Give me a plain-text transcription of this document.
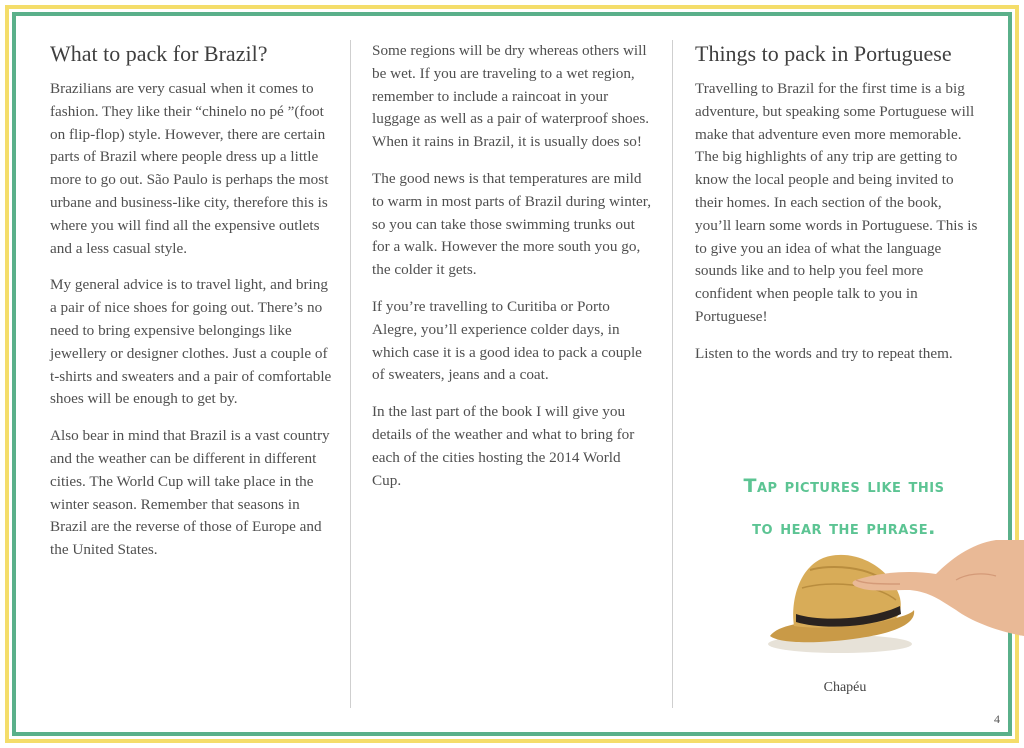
What to pack for Brazil?

Brazilians are very casual when it comes to fashion. They like their “chinelo no pé ”(foot on flip-flop) style. However, there are certain parts of Brazil where people dress up a little more to go out. São Paulo is perhaps the most urbane and business-like city, therefore this is where you will find all the expensive outlets and a less casual style.

My general advice is to travel light, and bring a pair of nice shoes for going out. There’s no need to bring expensive belongings like jewellery or designer clothes. Just a couple of t-shirts and sweaters and a pair of comfortable shoes will be enough to get by.

Also bear in mind that Brazil is a vast country and the weather can be different in different cities. The World Cup will take place in the winter season. Remember that seasons in Brazil are the reverse of those of Europe and the United States.

Some regions will be dry whereas others will be wet. If you are traveling to a wet region, remember to include a raincoat in your luggage as well as a pair of waterproof shoes. When it rains in Brazil, it is usually does so!

The good news is that temperatures are mild to warm in most parts of Brazil during winter, so you can take those swimming trunks out for a walk. However the more south you go, the colder it gets.

If you’re travelling to Curitiba or Porto Alegre, you’ll experience colder days, in which case it is a good idea to pack a couple of sweaters, jeans and a coat.

In the last part of the book I will give you details of the weather and what to bring for each of the cities hosting the 2014 World Cup.

Things to pack in Portuguese

Travelling to Brazil for the first time is a big adventure, but speaking some Portuguese will make that adventure even more memorable. The big highlights of any trip are getting to know the local people and being invited to their homes. In each section of the book, you’ll learn some words in Portuguese. This is to give you an idea of what the language sounds like and to help you feel more confident when people talk to you in Portuguese!

Listen to the words and try to repeat them.

Tap pictures like this
to hear the phrase.
Chapéu
4
